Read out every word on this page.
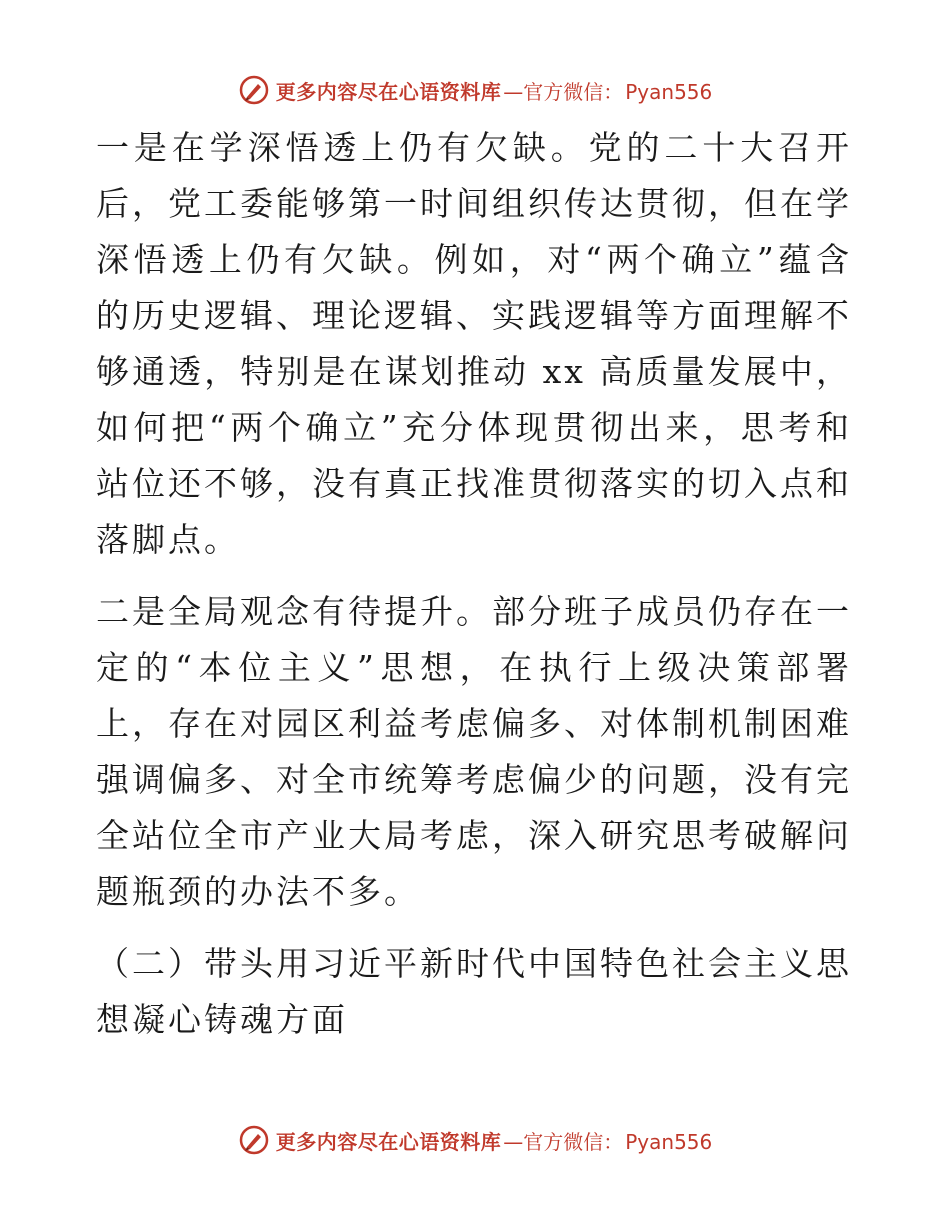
更多内容尽在心语资料库 —官方微信： Pyan556

一是在学深悟透上仍有欠缺。党的二十大召开后，党工委能够第一时间组织传达贯彻，但在学深悟透上仍有欠缺。例如，对“两个确立”蕴含的历史逻辑、理论逻辑、实践逻辑等方面理解不够通透，特别是在谋划推动 xx 高质量发展中，如何把“两个确立”充分体现贯彻出来，思考和站位还不够，没有真正找准贯彻落实的切入点和落脚点。

二是全局观念有待提升。部分班子成员仍存在一定的“本位主义”思想，在执行上级决策部署上，存在对园区利益考虑偏多、对体制机制困难强调偏多、对全市统筹考虑偏少的问题，没有完全站位全市产业大局考虑，深入研究思考破解问题瓶颈的办法不多。

（二）带头用习近平新时代中国特色社会主义思想凝心铸魂方面

更多内容尽在心语资料库 —官方微信： Pyan556
